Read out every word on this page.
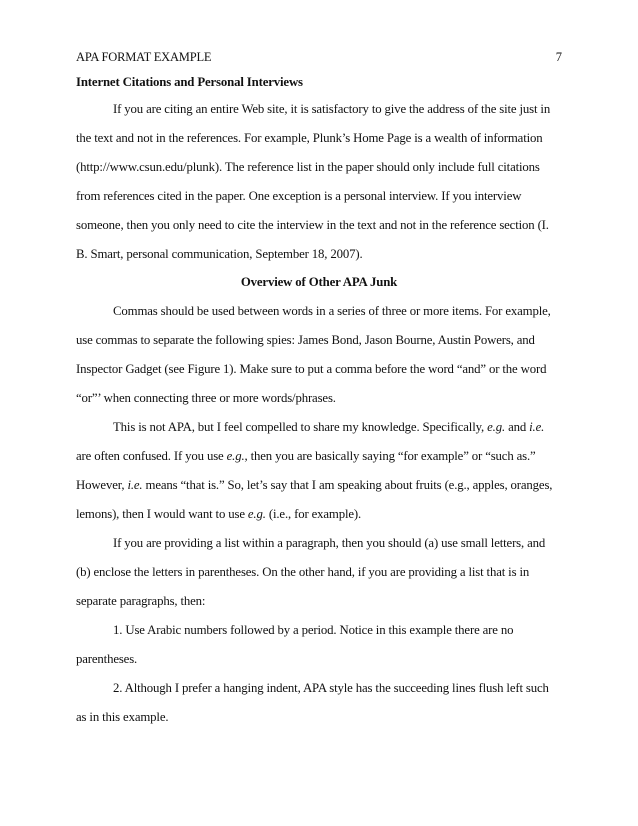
APA FORMAT EXAMPLE	7
Internet Citations and Personal Interviews
If you are citing an entire Web site, it is satisfactory to give the address of the site just in
the text and not in the references. For example, Plunk’s Home Page is a wealth of information
(http://www.csun.edu/plunk). The reference list in the paper should only include full citations
from references cited in the paper. One exception is a personal interview. If you interview
someone, then you only need to cite the interview in the text and not in the reference section (I.
B. Smart, personal communication, September 18, 2007).
Overview of Other APA Junk
Commas should be used between words in a series of three or more items. For example,
use commas to separate the following spies: James Bond, Jason Bourne, Austin Powers, and
Inspector Gadget (see Figure 1). Make sure to put a comma before the word “and” or the word
“or”’ when connecting three or more words/phrases.
This is not APA, but I feel compelled to share my knowledge. Specifically, e.g. and i.e.
are often confused. If you use e.g., then you are basically saying “for example” or “such as.”
However, i.e. means “that is.” So, let’s say that I am speaking about fruits (e.g., apples, oranges,
lemons), then I would want to use e.g. (i.e., for example).
If you are providing a list within a paragraph, then you should (a) use small letters, and
(b) enclose the letters in parentheses. On the other hand, if you are providing a list that is in
separate paragraphs, then:
1. Use Arabic numbers followed by a period. Notice in this example there are no
parentheses.
2. Although I prefer a hanging indent, APA style has the succeeding lines flush left such
as in this example.
